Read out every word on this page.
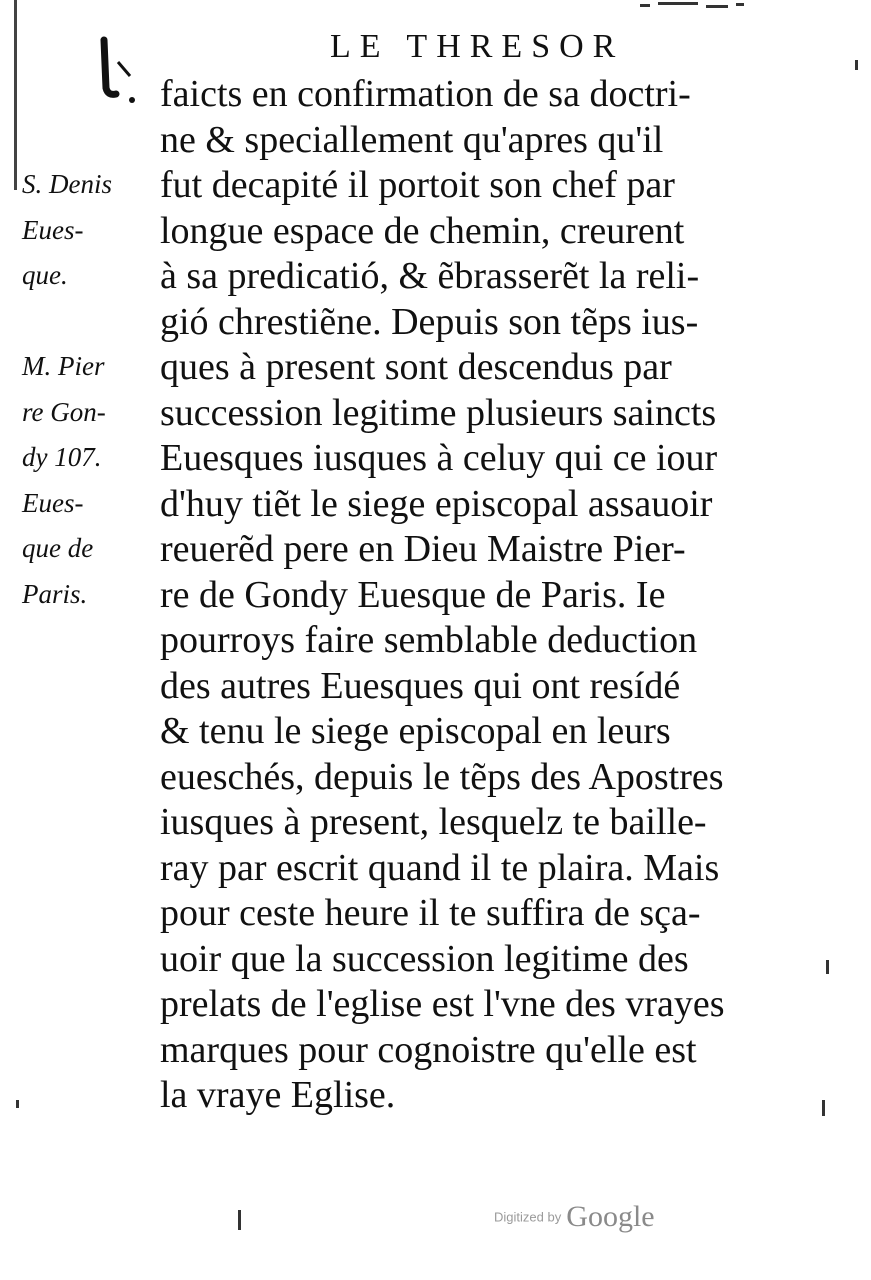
LE THRESOR
S. Denis
Eues-
que.
M. Pier
re Gon-
dy 107.
Eues-
que de
Paris.
faicts en confirmation de sa doctri-
ne & speciallement qu'apres qu'il
fut decapité il portoit son chef par
longue espace de chemin, creurent
à sa predicatió, & ẽbrasserẽt la reli-
gió chrestiẽne. Depuis son tẽps ius-
ques à present sont descendus par
succession legitime plusieurs saincts
Euesques iusques à celuy qui ce iour
d'huy tiẽt le siege episcopal assauoir
reuerẽd pere en Dieu Maistre Pier-
re de Gondy Euesque de Paris. Ie
pourroys faire semblable deduction
des autres Euesques qui ont resídé
& tenu le siege episcopal en leurs
eueschés, depuis le tẽps des Apostres
iusques à present, lesquelz te baille-
ray par escrit quand il te plaira. Mais
pour ceste heure il te suffira de sça-
uoir que la succession legitime des
prelats de l'eglise est l'vne des vrayes
marques pour cognoistre qu'elle est
la vraye Eglise.
Digitized by Google
